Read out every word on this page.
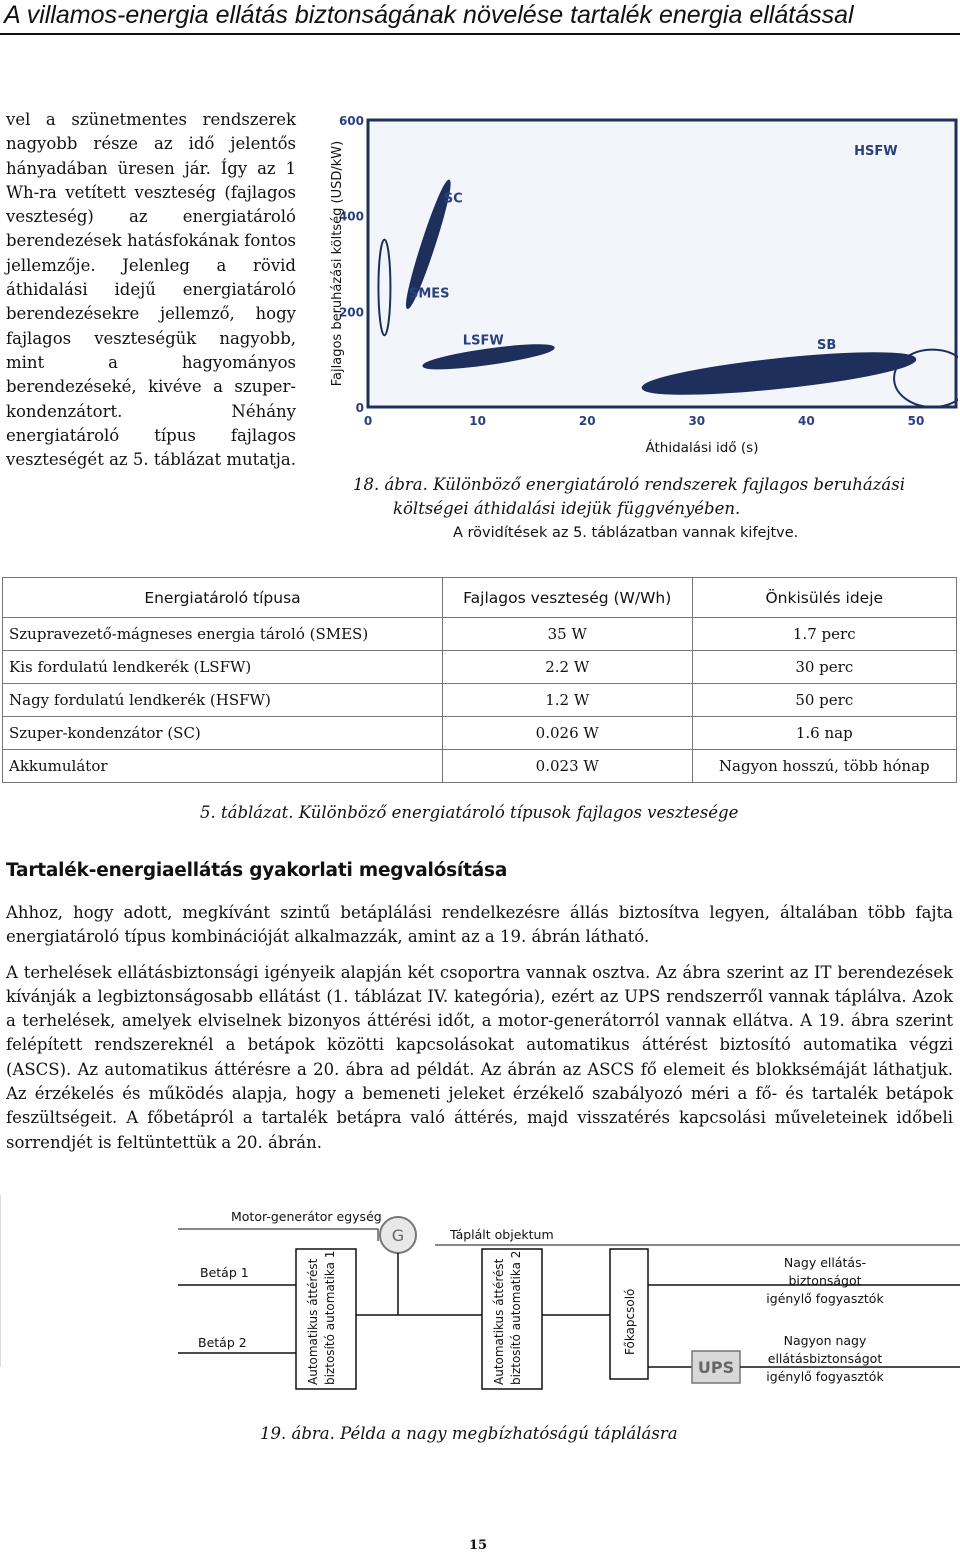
A villamos-energia ellátás biztonságának növelése tartalék energia ellátással

vel a szünetmentes rendszerek nagyobb része az idő jelentős hányadában üresen jár. Így az 1 Wh-ra vetített veszteség (fajlagos veszteség) az energiatároló berendezések hatásfokának fontos jellemzője. Jelenleg a rövid áthidalási idejű energiatároló berendezésekre jellemző, hogy fajlagos veszteségük nagyobb, mint a hagyományos berendezéseké, kivéve a szuper-kondenzátort. Néhány energiatároló típus fajlagos veszteségét az 5. táblázat mutatja.

0
200
400
600
0	10	20	30	40	50
Áthidalási idő (s)
Fajlagos beruházási költség (USD/kW)	SC
SMES
HSFW
LSFW	SB
18. ábra. Különböző energiatároló rendszerek fajlagos beruházási
költségei áthidalási idejük függvényében.
A rövidítések az 5. táblázatban vannak kifejtve.
Energiatároló típusa	Fajlagos veszteség (W/Wh)	Önkisülés ideje
Szupravezető-mágneses energia tároló (SMES)	35 W	1.7 perc
Kis fordulatú lendkerék (LSFW)	2.2 W	30 perc
Nagy fordulatú lendkerék (HSFW)	1.2 W	50 perc
Szuper-kondenzátor (SC)	0.026 W	1.6 nap
Akkumulátor	0.023 W	Nagyon hosszú, több hónap
5. táblázat. Különböző energiatároló típusok fajlagos vesztesége
Tartalék-energiaellátás gyakorlati megvalósítása

Ahhoz, hogy adott, megkívánt szintű betáplálási rendelkezésre állás biztosítva legyen, általában több fajta energiatároló típus kombinációját alkalmazzák, amint az a 19. ábrán látható.

A terhelések ellátásbiztonsági igényeik alapján két csoportra vannak osztva. Az ábra szerint az IT berendezések kívánják a legbiztonságosabb ellátást (1. táblázat IV. kategória), ezért az UPS rendszerről vannak táplálva. Azok a terhelések, amelyek elviselnek bizonyos áttérési időt, a motor-generátorról vannak ellátva. A 19. ábra szerint felépített rendszereknél a betápok közötti kapcsolásokat automatikus áttérést biztosító automatika végzi (ASCS). Az automatikus áttérésre a 20. ábra ad példát. Az ábrán az ASCS fő elemeit és blokksémáját láthatjuk. Az érzékelés és működés alapja, hogy a bemeneti jeleket érzékelő szabályozó méri a fő- és tartalék betápok feszültségeit. A főbetápról a tartalék betápra való áttérés, majd visszatérés kapcsolási műveleteinek időbeli sorrendjét is feltüntettük a 20. ábrán.

Motor-generátor egység
G	Táplált objektum
Betáp 1
Betáp 2	Automatikus áttérést biztosító automatika 1	Automatikus áttérést biztosító automatika 2	Főkapcsoló
UPS
Nagy ellátás-
biztonságot
igénylő fogyasztók
Nagyon nagy
ellátásbiztonságot
igénylő fogyasztók
19. ábra. Példa a nagy megbízhatóságú táplálásra
15
